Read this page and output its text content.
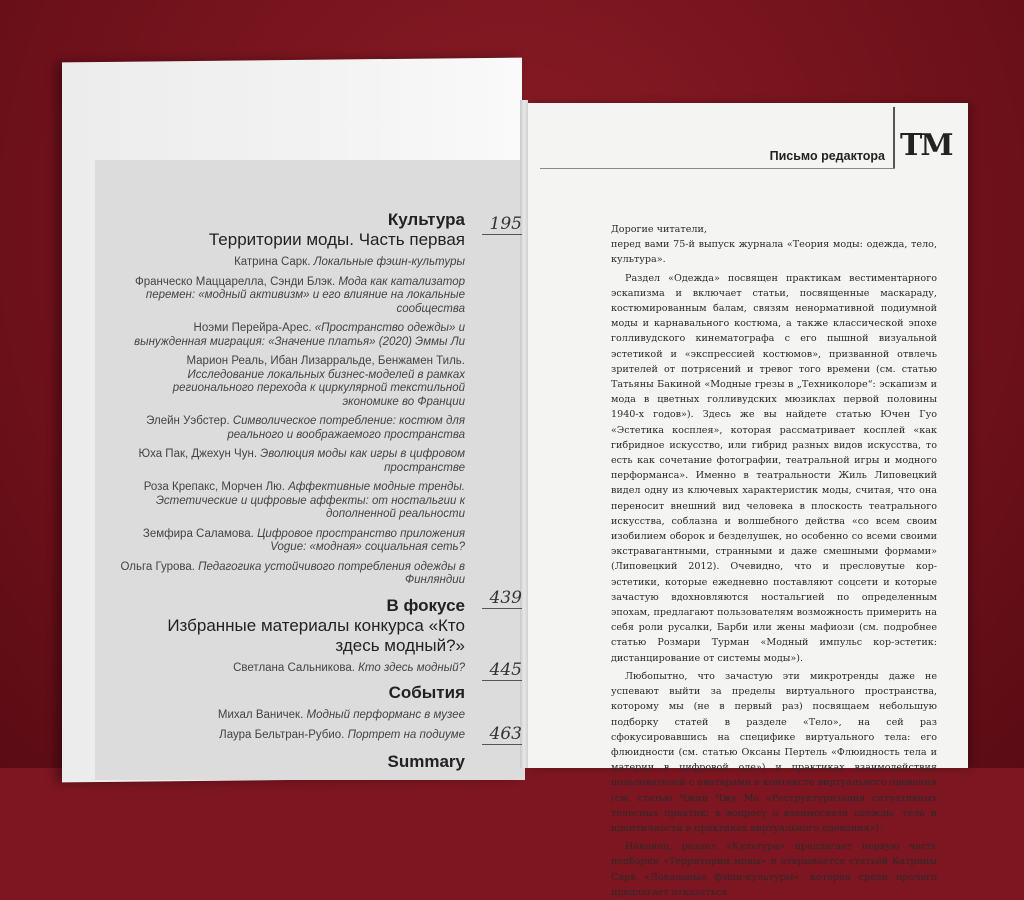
Культура

Территории моды. Часть первая

Катрина Сарк. Локальные фэшн-культуры
Франческо Маццарелла, Сэнди Блэк. Мода как катализатор перемен: «модный активизм» и его влияние на локальные сообщества
Ноэми Перейра-Арес. «Пространство одежды» и вынужденная миграция: «Значение платья» (2020) Эммы Ли
Марион Реаль, Ибан Лизарральде, Бенжамен Тиль. Исследование локальных бизнес-моделей в рамках регионального перехода к циркулярной текстильной экономике во Франции
Элейн Уэбстер. Символическое потребление: костюм для реального и воображаемого пространства
Юха Пак, Джехун Чун. Эволюция моды как игры в цифровом пространстве
Роза Крепакс, Морчен Лю. Аффективные модные тренды. Эстетические и цифровые аффекты: от ностальгии к дополненной реальности
Земфира Саламова. Цифровое пространство приложения Vogue: «модная» социальная сеть?
Ольга Гурова. Педагогика устойчивого потребления одежды в Финляндии

В фокусе

Избранные материалы конкурса «Кто здесь модный?»

Светлана Сальникова. Кто здесь модный?

События

Михал Ваничек. Модный перформанс в музее
Лаура Бельтран-Рубио. Портрет на подиуме

Summary

195
439
445
463
Письмо редактора ТМ

Дорогие читатели,

перед вами 75-й выпуск журнала «Теория моды: одежда, тело, культура».

Раздел «Одежда» посвящен практикам вестиментарного эскапизма и включает статьи, посвященные маскараду, костюмированным балам, связям ненормативной подиумной моды и карнавального костюма, а также классической эпохе голливудского кинематографа с его пышной визуальной эстетикой и «экспрессией костюмов», призванной отвлечь зрителей от потрясений и тревог того времени (см. статью Татьяны Бакиной «Модные грезы в „Техниколоре“: эскапизм и мода в цветных голливудских мюзиклах первой половины 1940-х годов»). Здесь же вы найдете статью Ючен Гуо «Эстетика косплея», которая рассматривает косплей «как гибридное искусство, или гибрид разных видов искусства, то есть как сочетание фотографии, театральной игры и модного перформанса». Именно в театральности Жиль Липовецкий видел одну из ключевых характеристик моды, считая, что она переносит внешний вид человека в плоскость театрального искусства, соблазна и волшебного действа «со всем своим изобилием оборок и безделушек, но особенно со всеми своими экстравагантными, странными и даже смешными формами» (Липовецкий 2012). Очевидно, что и пресловутые кор-эстетики, которые ежедневно поставляют соцсети и которые зачастую вдохновляются ностальгией по определенным эпохам, предлагают пользователям возможность примерить на себя роли русалки, Барби или жены мафиози (см. подробнее статью Розмари Турман «Модный импульс кор-эстетик: дистанцирование от системы моды»).

Любопытно, что зачастую эти микротренды даже не успевают выйти за пределы виртуального пространства, которому мы (не в первый раз) посвящаем небольшую подборку статей в разделе «Тело», на сей раз сфокусировавшись на специфике виртуального тела: его флюидности (см. статью Оксаны Пертель «Флюидность тела и материи в цифровой оде») и практиках взаимодействия пользователей с аватарами в контексте виртуального одевания (см. статью Чжин Чжу Ма «Реструктуризация ситуативных телесных практик: к вопросу о взаимосвязи одежды, тела и идентичности в практиках виртуального одевания»).

Наконец, раздел «Культура» предлагает первую часть подборки «Территории моды» и открывается статьей Катрины Сарк «Локальные фэшн-культуры», которая среди прочего предлагает отказаться
